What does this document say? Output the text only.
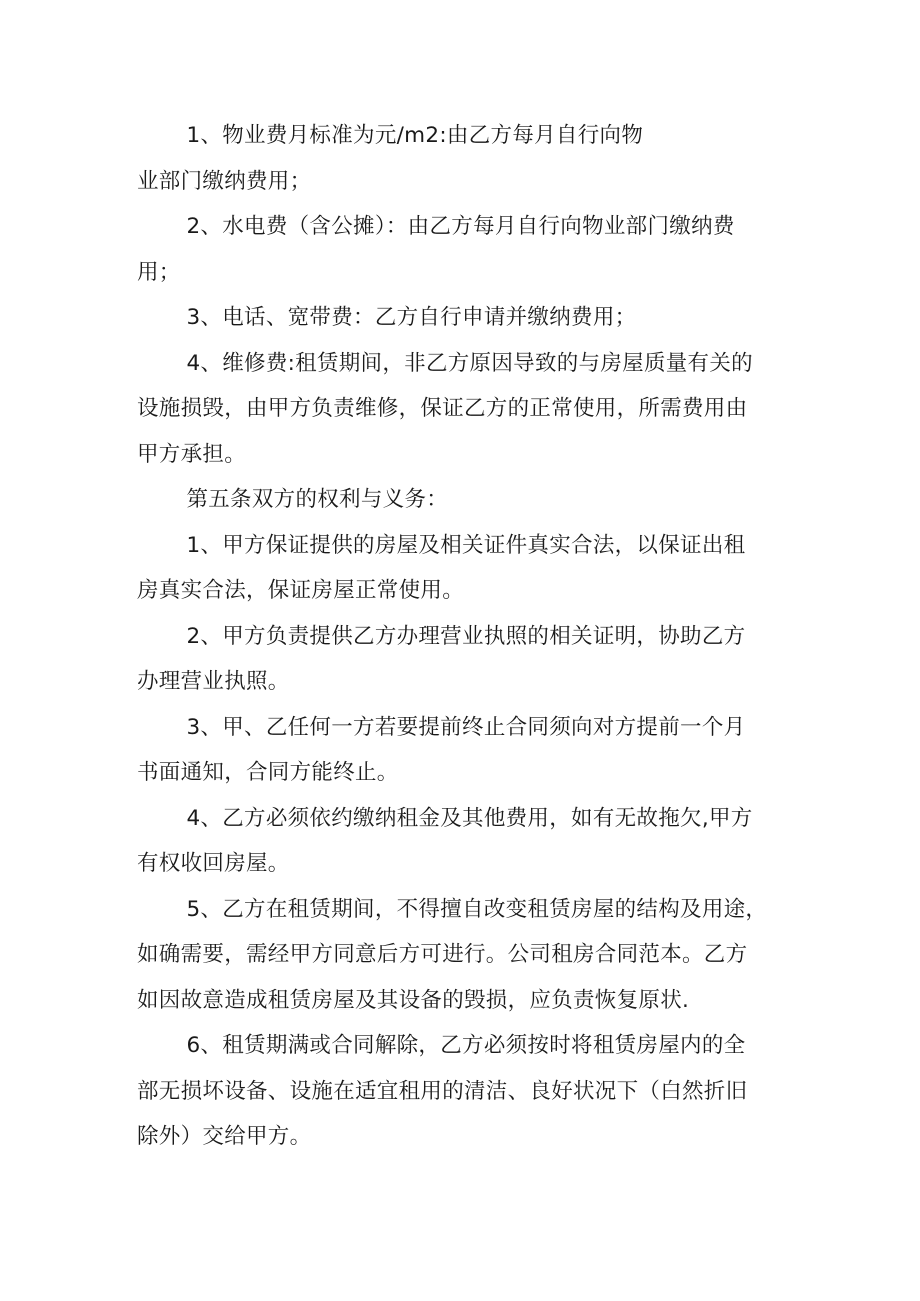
1、物业费月标准为元/m2:由乙方每月自行向物
业部门缴纳费用；

2、水电费（含公摊）：由乙方每月自行向物业部门缴纳费
用；

3、电话、宽带费：乙方自行申请并缴纳费用；

4、维修费:租赁期间，非乙方原因导致的与房屋质量有关的
设施损毁，由甲方负责维修，保证乙方的正常使用，所需费用由
甲方承担。

第五条双方的权利与义务：

1、甲方保证提供的房屋及相关证件真实合法，以保证出租
房真实合法，保证房屋正常使用。

2、甲方负责提供乙方办理营业执照的相关证明，协助乙方
办理营业执照。

3、甲、乙任何一方若要提前终止合同须向对方提前一个月
书面通知，合同方能终止。

4、乙方必须依约缴纳租金及其他费用，如有无故拖欠,甲方
有权收回房屋。

5、乙方在租赁期间，不得擅自改变租赁房屋的结构及用途，
如确需要，需经甲方同意后方可进行。公司租房合同范本。乙方
如因故意造成租赁房屋及其设备的毁损，应负责恢复原状.

6、租赁期满或合同解除，乙方必须按时将租赁房屋内的全
部无损坏设备、设施在适宜租用的清洁、良好状况下（白然折旧
除外）交给甲方。
